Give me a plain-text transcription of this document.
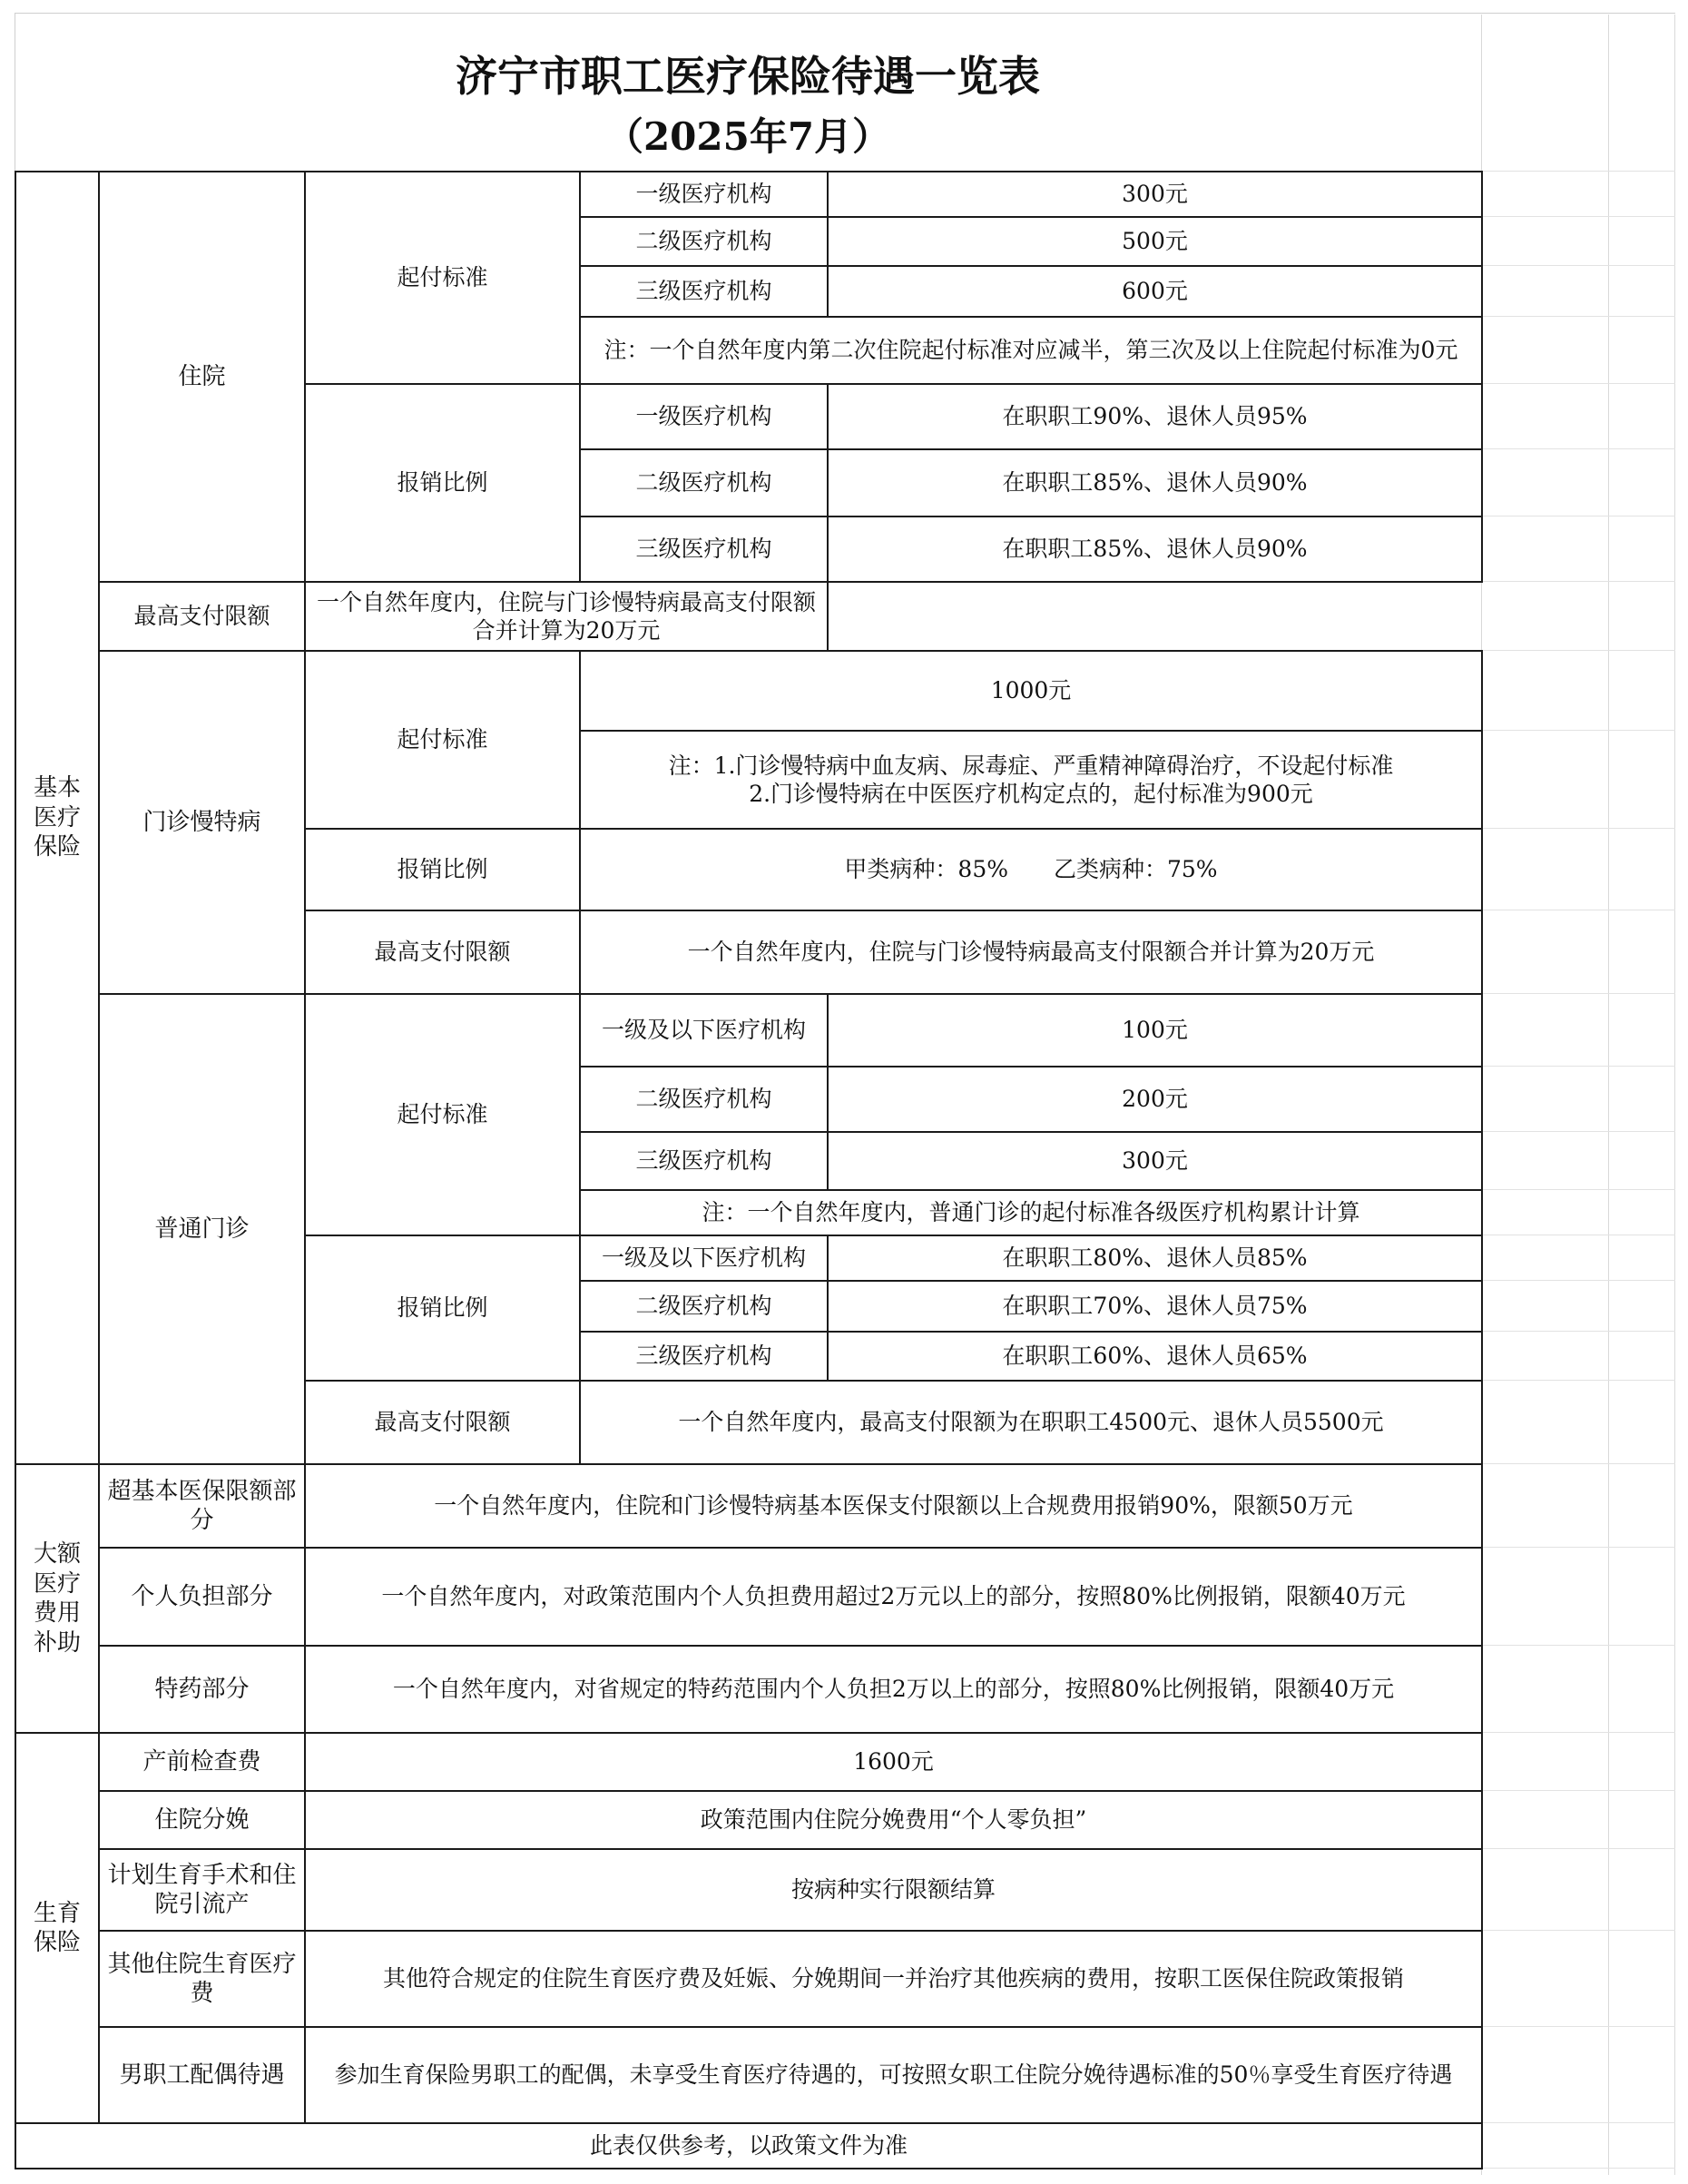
济宁市职工医疗保险待遇一览表
（2025年7月）
基本
医疗
保险	住院	起付标准	一级医疗机构	300元
			二级医疗机构	500元
			三级医疗机构	600元
			注：一个自然年度内第二次住院起付标准对应减半，第三次及以上住院起付标准为0元	
		报销比例	一级医疗机构	在职职工90%、退休人员95%
			二级医疗机构	在职职工85%、退休人员90%
			三级医疗机构	在职职工85%、退休人员90%
	最高支付限额	一个自然年度内，住院与门诊慢特病最高支付限额合并计算为20万元		
	门诊慢特病	起付标准	1000元	

			注：1.门诊慢特病中血友病、尿毒症、严重精神障碍治疗，不设起付标准
2.门诊慢特病在中医医疗机构定点的，起付标准为900元	

		报销比例	甲类病种：85%　　乙类病种：75%	
		最高支付限额	一个自然年度内，住院与门诊慢特病最高支付限额合并计算为20万元	
	普通门诊	起付标准	一级及以下医疗机构	100元
			二级医疗机构	200元
			三级医疗机构	300元
			注：一个自然年度内，普通门诊的起付标准各级医疗机构累计计算	
		报销比例	一级及以下医疗机构	在职职工80%、退休人员85%
			二级医疗机构	在职职工70%、退休人员75%
			三级医疗机构	在职职工60%、退休人员65%
		最高支付限额	一个自然年度内，最高支付限额为在职职工4500元、退休人员5500元	

大额
医疗
费用
补助	超基本医保限额部分	一个自然年度内，住院和门诊慢特病基本医保支付限额以上合规费用报销90%，限额50万元		
	个人负担部分	一个自然年度内，对政策范围内个人负担费用超过2万元以上的部分，按照80%比例报销，限额40万元		
	特药部分	一个自然年度内，对省规定的特药范围内个人负担2万以上的部分，按照80%比例报销，限额40万元		

生育
保险	产前检查费	1600元		
	住院分娩	政策范围内住院分娩费用“个人零负担”		
	计划生育手术和住院引流产	按病种实行限额结算		
	其他住院生育医疗费	其他符合规定的住院生育医疗费及妊娠、分娩期间一并治疗其他疾病的费用，按职工医保住院政策报销		
	男职工配偶待遇	参加生育保险男职工的配偶，未享受生育医疗待遇的，可按照女职工住院分娩待遇标准的50％享受生育医疗待遇		
此表仅供参考，以政策文件为准				
